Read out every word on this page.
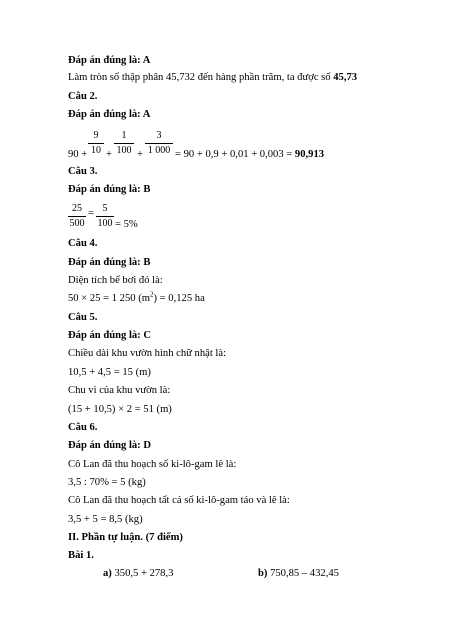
Đáp án đúng là: A
Làm tròn số thập phân 45,732 đến hàng phần trăm, ta được số 45,73
Câu 2.
Đáp án đúng là: A
90 +
9
10 +
1
100 +
3
1 000 = 90 + 0,9 + 0,01 + 0,003 = 90,913
Câu 3.
Đáp án đúng là: B
25
500
= 5
100 = 5%
Câu 4.
Đáp án đúng là: B
Diện tích bể bơi đó là:
50 × 25 = 1 250 $(m^2) = 0,125$ ha
Câu 5.
Đáp án đúng là: C
Chiều dài khu vườn hình chữ nhật là:
10,5 + 4,5 = 15 (m)
Chu vi của khu vườn là:
(15 + 10,5) × 2 = 51 (m)
Câu 6.
Đáp án đúng là: D
Cô Lan đã thu hoạch số ki-lô-gam lê là:
3,5 : 70% = 5 (kg)
Cô Lan đã thu hoạch tất cả số ki-lô-gam táo và lê là:
3,5 + 5 = 8,5 (kg)
II. Phần tự luận. (7 điểm)
Bài 1.
a) 350,5 + 278,3	b) 750,85 – 432,45
